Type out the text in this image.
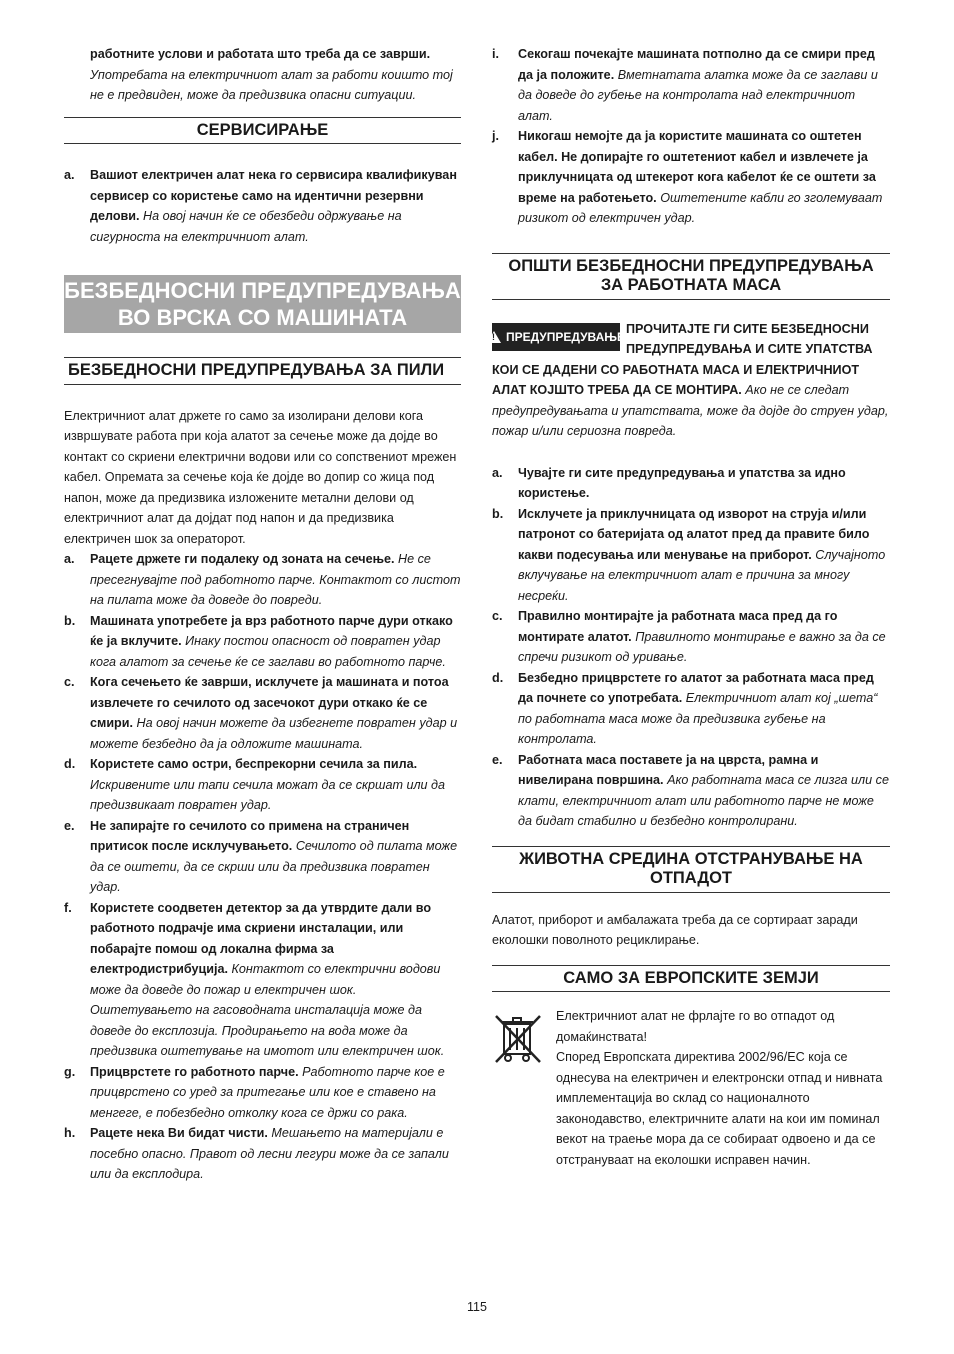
работните услови и работата што треба да се заврши. Употребата на електричниот алат за работи коишто тој не е предвиден, може да предизвика опасни ситуации.

СЕРВИСИРАЊЕ

a. Вашиот електричен алат нека го сервисира квалификуван сервисер со користење само на идентични резервни делови. На овој начин ќе се обезбеди одржување на сигурноста на електричниот алат.

БЕЗБЕДНОСНИ ПРЕДУПРЕДУВАЊА
ВО ВРСКА СО МАШИНАТА
БЕЗБЕДНОСНИ ПРЕДУПРЕДУВАЊА ЗА ПИЛИ

Електричниот алат држете го само за изолирани делови кога извршувате работа при која алатот за сечење може да дојде во контакт со скриени електрични водови или со сопствениот мрежен кабел. Опремата за сечење која ќе дојде во допир со жица под напон, може да предизвика изложените метални делови од електричниот алат да дојдат под напон и да предизвика електричен шок за операторот.

a. Рацете држете ги подалеку од зоната на сечење. Не се пресегнувајте под работното парче. Контактот со листот на пилата може да доведе до повреди.

b. Машината употребете ја врз работното парче дури откако ќе ја вклучите. Инаку постои опасност од повратен удар кога алатот за сечење ќе се заглави во работното парче.

c. Кога сечењето ќе заврши, исклучете ја машината и потоа извлечете го сечилото од засечокот дури откако ќе се смири. На овој начин можете да избегнете повратен удар и можете безбедно да ја одложите машината.

d. Користете само остри, беспрекорни сечила за пила. Искривените или тапи сечила можат да се скршат или да предизвикаат повратен удар.

e. Не запирајте го сечилото со примена на страничен притисок после исклучувањето. Сечилото од пилата може да се оштети, да се скрши или да предизвика повратен удар.

f. Користете соодветен детектор за да утврдите дали во работното подрачје има скриени инсталации, или побарајте помош од локална фирма за електродистрибуција. Контактот со електрични водови може да доведе до пожар и електричен шок. Оштетувањето на гасоводната инсталација може да доведе до експлозија. Продирањето на вода може да предизвика оштетување на имотот или електричен шок.

g. Прицврстете го работното парче. Работното парче кое е прицврстено со уред за притегање или кое е ставено на менгеге, е побезбедно отколку кога се држи со рака.

h. Рацете нека Ви бидат чисти. Мешањето на материјали е посебно опасно. Правот од лесни легури може да се запали или да експлодира.

i. Секогаш почекајте машината потполно да се смири пред да ја положите. Вметнатата алатка може да се заглави и да доведе до губење на контролата над електричниот алат.

j. Никогаш немојте да ја користите машината со оштетен кабел. Не допирајте го оштетениот кабел и извлечете ја приклучницата од штекерот кога кабелот ќе се оштети за време на работењето. Оштетените кабли го зголемуваат ризикот од електричен удар.

ОПШТИ БЕЗБЕДНОСНИ ПРЕДУПРЕДУВАЊА
ЗА РАБОТНАТА МАСА
! ПРЕДУПРЕДУВАЊЕ

ПРОЧИТАЈТЕ ГИ СИТЕ БЕЗБЕДНОСНИ ПРЕДУПРЕДУВАЊА И СИТЕ УПАТСТВА КОИ СЕ ДАДЕНИ СО РАБОТНАТА МАСА И ЕЛЕКТРИЧНИОТ АЛАТ КОЈШТО ТРЕБА ДА СЕ МОНТИРА. Ако не се следат предупредувањата и упатствата, може да дојде до струен удар, пожар и/или сериозна повреда.

a. Чувајте ги сите предупредувања и упатства за идно користење.

b. Исклучете ја приклучницата од изворот на струја и/или патронот со батеријата од алатот пред да правите било какви подесувања или менување на приборот. Случајното вклучување на електричниот алат е причина за многу несреќи.

c. Правилно монтирајте ја работната маса пред да го монтирате алатот. Правилното монтирање е важно за да се спречи ризикот од уривање.

d. Безбедно прицврстете го алатот за работната маса пред да почнете со употребата. Електричниот алат кој „шета“ по работната маса може да предизвика губење на контролата.

e. Работната маса поставете ја на цврста, рамна и нивелирана површина. Ако работната маса се лизга или се клати, електричниот алат или работното парче не може да бидат стабилно и безбедно контролирани.

ЖИВОТНА СРЕДИНА ОТСТРАНУВАЊЕ НА
ОТПАДОТ

Алатот, приборот и амбалажата треба да се сортираат заради еколошки поволното рециклирање.

САМО ЗА ЕВРОПСКИТЕ ЗЕМЈИ

Електричниот алат не фрлајте го во отпадот од домаќинствата!

Според Европската директива 2002/96/ЕС која се однесува на електричен и електронски отпад и нивната имплементација во склад со националното законодавство, електричните алати на кои им поминал векот на траење мора да се собираат одвоено и да се отстрануваат на еколошки исправен начин.

115
